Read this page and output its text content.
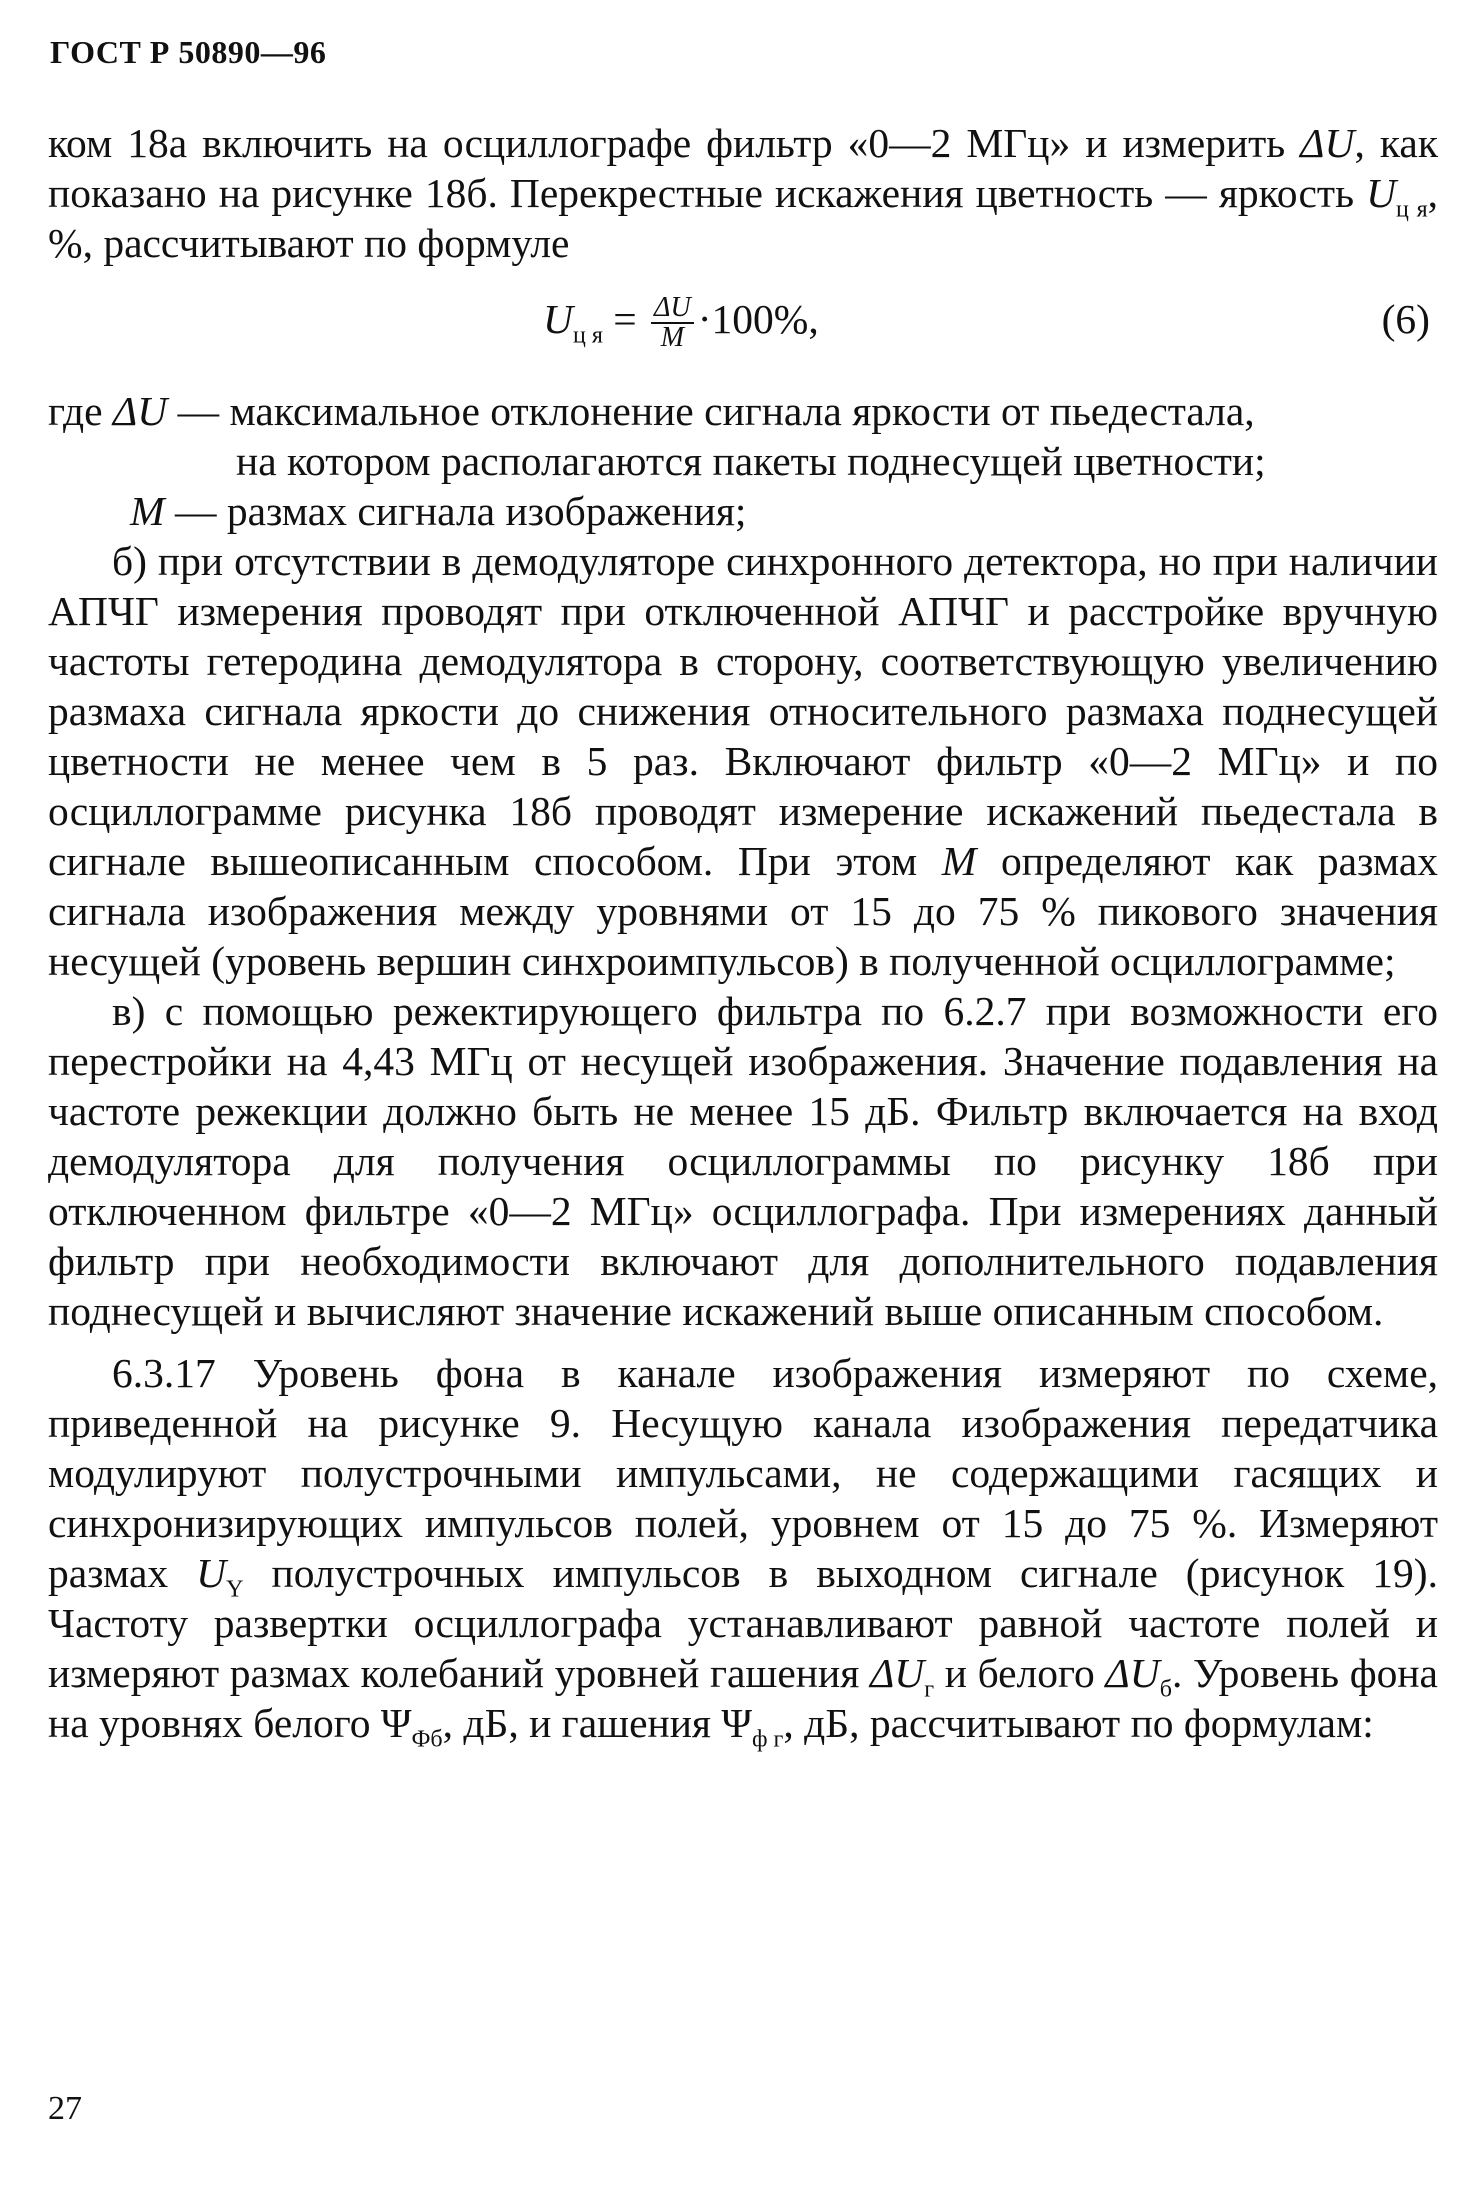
ГОСТ Р 50890—96

ком 18а включить на осциллографе фильтр «0—2 МГц» и измерить ΔU, как показано на рисунке 18б. Перекрестные искажения цветность — яркость $U_{ц я}$, %, рассчитывают по формуле

$U_{ц я} = \frac{\Delta U}{M} \cdot 100\%$,	(6)
где ΔU — максимальное отклонение сигнала яркости от пьедестала,
на котором располагаются пакеты поднесущей цветности;
M — размах сигнала изображения;

б) при отсутствии в демодуляторе синхронного детектора, но при наличии АПЧГ измерения проводят при отключенной АПЧГ и расстройке вручную частоты гетеродина демодулятора в сторону, соответствующую увеличению размаха сигнала яркости до снижения относительного размаха поднесущей цветности не менее чем в 5 раз. Включают фильтр «0—2 МГц» и по осциллограмме рисунка 18б проводят измерение искажений пьедестала в сигнале вышеописанным способом. При этом M определяют как размах сигнала изображения между уровнями от 15 до 75 % пикового значения несущей (уровень вершин синхроимпульсов) в полученной осциллограмме;

в) с помощью режектирующего фильтра по 6.2.7 при возможности его перестройки на 4,43 МГц от несущей изображения. Значение подавления на частоте режекции должно быть не менее 15 дБ. Фильтр включается на вход демодулятора для получения осциллограммы по рисунку 18б при отключенном фильтре «0—2 МГц» осциллографа. При измерениях данный фильтр при необходимости включают для дополнительного подавления поднесущей и вычисляют значение искажений выше описанным способом.

6.3.17 Уровень фона в канале изображения измеряют по схеме, приведенной на рисунке 9. Несущую канала изображения передатчика модулируют полустрочными импульсами, не содержащими гасящих и синхронизирующих импульсов полей, уровнем от 15 до 75 %. Измеряют размах $U_Y$ полустрочных импульсов в выходном сигнале (рисунок 19). Частоту развертки осциллографа устанавливают равной частоте полей и измеряют размах колебаний уровней гашения $\Delta U_г$ и белого $\Delta U_б$. Уровень фона на уровнях белого $\Psi_{Фб}$, дБ, и гашения $\Psi_{ф г}$, дБ, рассчитывают по формулам:

27
